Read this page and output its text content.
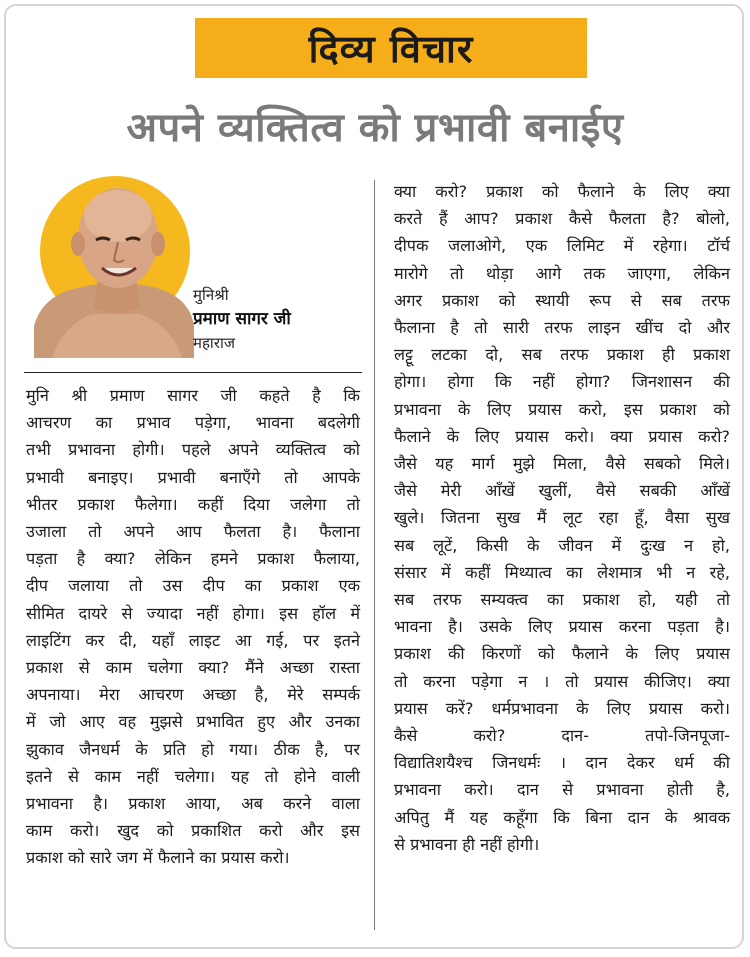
दिव्य विचार
अपने व्यक्तित्व को प्रभावी बनाईए
मुनिश्री
प्रमाण सागर जी
महाराज
मुनि श्री प्रमाण सागर जी कहते है कि
आचरण का प्रभाव पड़ेगा, भावना बदलेगी
तभी प्रभावना होगी। पहले अपने व्यक्तित्व को
प्रभावी बनाइए। प्रभावी बनाएँगे तो आपके
भीतर प्रकाश फैलेगा। कहीं दिया जलेगा तो
उजाला तो अपने आप फैलता है। फैलाना
पड़ता है क्या? लेकिन हमने प्रकाश फैलाया,
दीप जलाया तो उस दीप का प्रकाश एक
सीमित दायरे से ज्यादा नहीं होगा। इस हॉल में
लाइटिंग कर दी, यहाँ लाइट आ गई, पर इतने
प्रकाश से काम चलेगा क्या? मैंने अच्छा रास्ता
अपनाया। मेरा आचरण अच्छा है, मेरे सम्पर्क
में जो आए वह मुझसे प्रभावित हुए और उनका
झुकाव जैनधर्म के प्रति हो गया। ठीक है, पर
इतने से काम नहीं चलेगा। यह तो होने वाली
प्रभावना है। प्रकाश आया, अब करने वाला
काम करो। खुद को प्रकाशित करो और इस
प्रकाश को सारे जग में फैलाने का प्रयास करो।
क्या करो? प्रकाश को फैलाने के लिए क्या
करते हैं आप? प्रकाश कैसे फैलता है? बोलो,
दीपक जलाओगे, एक लिमिट में रहेगा। टॉर्च
मारोगे तो थोड़ा आगे तक जाएगा, लेकिन
अगर प्रकाश को स्थायी रूप से सब तरफ
फैलाना है तो सारी तरफ लाइन खींच दो और
लट्टू लटका दो, सब तरफ प्रकाश ही प्रकाश
होगा। होगा कि नहीं होगा? जिनशासन की
प्रभावना के लिए प्रयास करो, इस प्रकाश को
फैलाने के लिए प्रयास करो। क्या प्रयास करो?
जैसे यह मार्ग मुझे मिला, वैसे सबको मिले।
जैसे मेरी आँखें खुलीं, वैसे सबकी आँखें
खुले। जितना सुख मैं लूट रहा हूँ, वैसा सुख
सब लूटें, किसी के जीवन में दुःख न हो,
संसार में कहीं मिथ्यात्व का लेशमात्र भी न रहे,
सब तरफ सम्यक्त्व का प्रकाश हो, यही तो
भावना है। उसके लिए प्रयास करना पड़ता है।
प्रकाश की किरणों को फैलाने के लिए प्रयास
तो करना पड़ेगा न । तो प्रयास कीजिए। क्या
प्रयास करें? धर्मप्रभावना के लिए प्रयास करो।
कैसे करो? दान- तपो-जिनपूजा-
विद्यातिशयैश्च जिनधर्मः । दान देकर धर्म की
प्रभावना करो। दान से प्रभावना होती है,
अपितु मैं यह कहूँगा कि बिना दान के श्रावक
से प्रभावना ही नहीं होगी।
